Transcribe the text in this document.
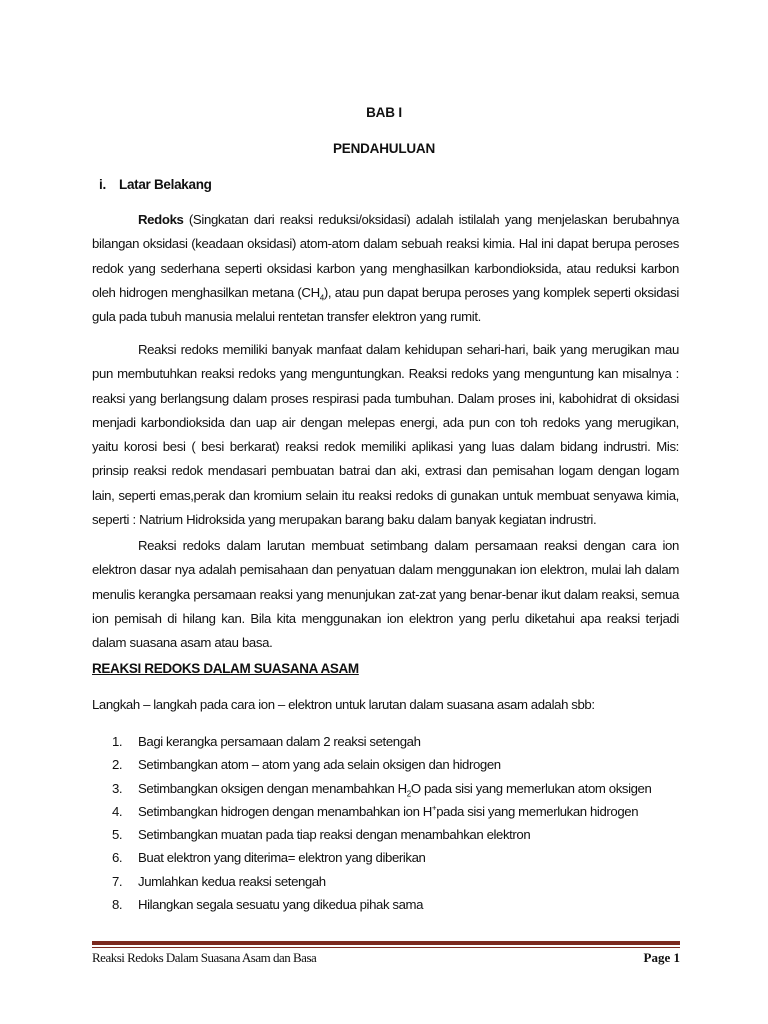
BAB I
PENDAHULUAN
i. Latar Belakang

Redoks (Singkatan dari reaksi reduksi/oksidasi) adalah istilalah yang menjelaskan berubahnya bilangan oksidasi (keadaan oksidasi) atom-atom dalam sebuah reaksi kimia. Hal ini dapat berupa peroses redok yang sederhana seperti oksidasi karbon yang menghasilkan karbondioksida, atau reduksi karbon oleh hidrogen menghasilkan metana $(CH_4)$, atau pun dapat berupa peroses yang komplek seperti oksidasi gula pada tubuh manusia melalui rentetan transfer elektron yang rumit.

Reaksi redoks memiliki banyak manfaat dalam kehidupan sehari-hari, baik yang merugikan mau pun membutuhkan reaksi redoks yang menguntungkan. Reaksi redoks yang menguntung kan misalnya : reaksi yang berlangsung dalam proses respirasi pada tumbuhan. Dalam proses ini, kabohidrat di oksidasi menjadi karbondioksida dan uap air dengan melepas energi, ada pun con toh redoks yang merugikan, yaitu korosi besi ( besi berkarat) reaksi redok memiliki aplikasi yang luas dalam bidang indrustri. Mis: prinsip reaksi redok mendasari pembuatan batrai dan aki, extrasi dan pemisahan logam dengan logam lain, seperti emas,perak dan kromium selain itu reaksi redoks di gunakan untuk membuat senyawa kimia, seperti : Natrium Hidroksida yang merupakan barang baku dalam banyak kegiatan indrustri.

Reaksi redoks dalam larutan membuat setimbang dalam persamaan reaksi dengan cara ion elektron dasar nya adalah pemisahaan dan penyatuan dalam menggunakan ion elektron, mulai lah dalam menulis kerangka persamaan reaksi yang menunjukan zat-zat yang benar-benar ikut dalam reaksi, semua ion pemisah di hilang kan. Bila kita menggunakan ion elektron yang perlu diketahui apa reaksi terjadi dalam suasana asam atau basa.

REAKSI REDOKS DALAM SUASANA ASAM
Langkah – langkah pada cara ion – elektron untuk larutan dalam suasana asam adalah sbb:
1. Bagi kerangka persamaan dalam 2 reaksi setengah
2. Setimbangkan atom – atom yang ada selain oksigen dan hidrogen
3. Setimbangkan oksigen dengan menambahkan $H_2O$ pada sisi yang memerlukan atom oksigen
4. Setimbangkan hidrogen dengan menambahkan ion H+pada sisi yang memerlukan hidrogen
5. Setimbangkan muatan pada tiap reaksi dengan menambahkan elektron
6. Buat elektron yang diterima= elektron yang diberikan
7. Jumlahkan kedua reaksi setengah
8. Hilangkan segala sesuatu yang dikedua pihak sama
Reaksi Redoks Dalam Suasana Asam dan Basa	Page 1
